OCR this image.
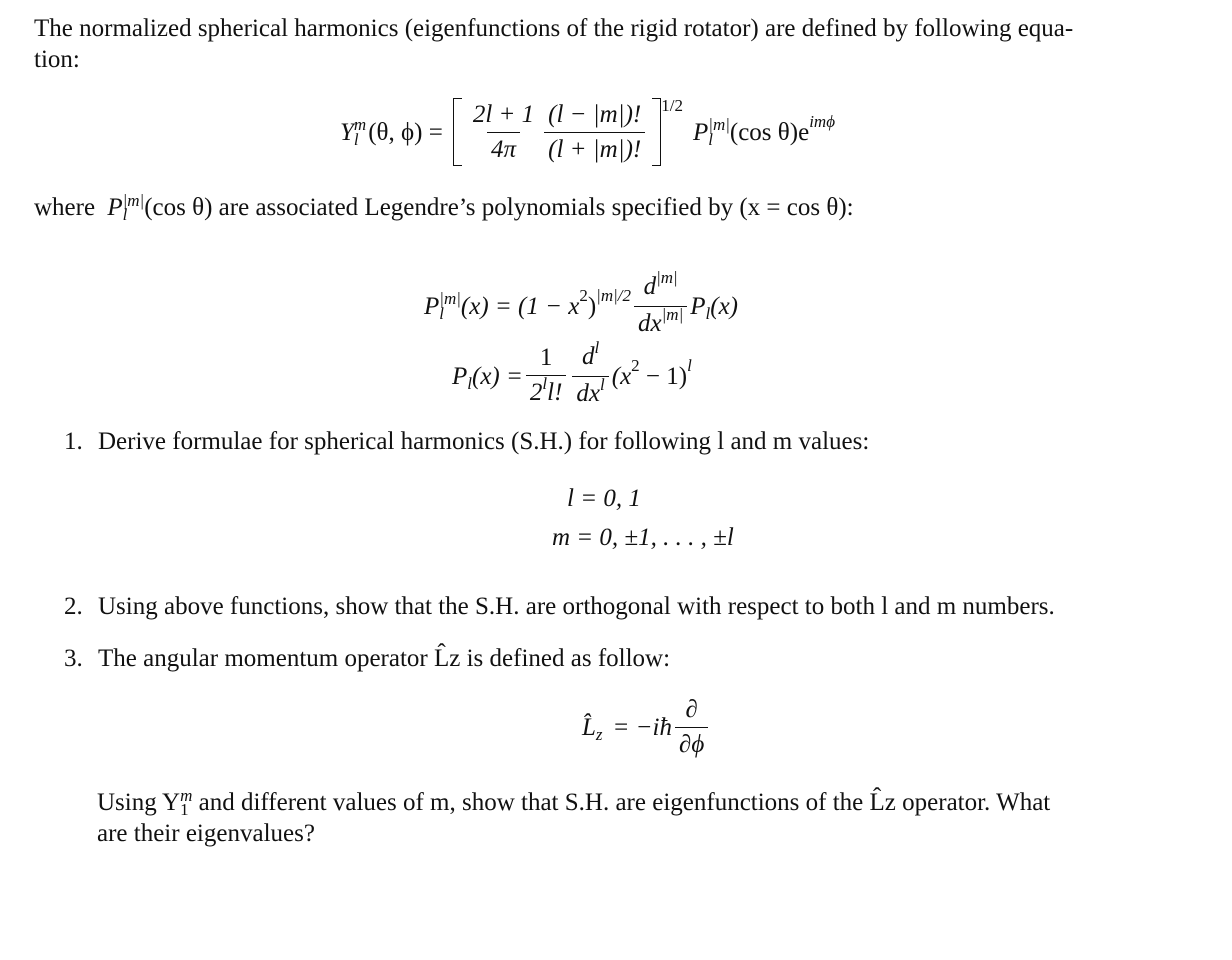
The normalized spherical harmonics (eigenfunctions of the rigid rotator) are defined by following equa-
tion:
Y m
l (θ, $\phi) = \frac{2l + 1}{4\pi} \frac{(l - |m|)!}{(l + |m|)!} 1/2$
P |m|
l (cos θ)e imϕ
where P |m|
l (cos θ) are associated Legendre’s polynomials specified by (x = cos θ):
P |m|
l (x) = (1 − x 2 ) $|m|/2 \frac{d^{|m|}}{dx^{|m|}}$ P l (x)
P l $(x) = \frac{1}{2^ll!} \frac{d^l}{dx^l} (x$ 2 − 1) l
1. Derive formulae for spherical harmonics (S.H.) for following l and m values:
l = 0, 1
m = 0, ±1, . . . , ±l
2. Using above functions, show that the S.H. are orthogonal with respect to both l and m numbers.
3. The angular momentum operator L̂z is defined as follow:
L̂ z = −iħ $\frac{\partial}{\partial\phi}$
Using Y m
1 and different values of m, show that S.H. are eigenfunctions of the L̂z operator. What
are their eigenvalues?
